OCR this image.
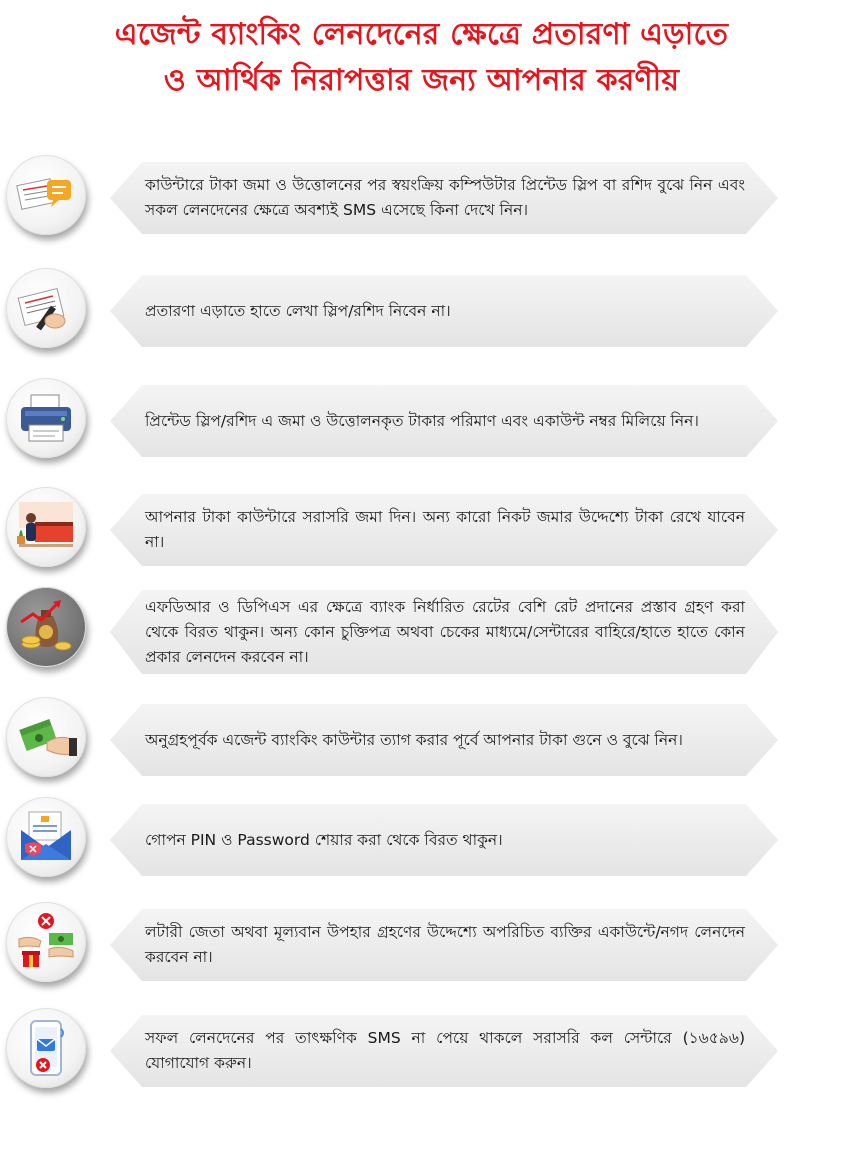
এজেন্ট ব্যাংকিং লেনদেনের ক্ষেত্রে প্রতারণা এড়াতে
ও আর্থিক নিরাপত্তার জন্য আপনার করণীয়
কাউন্টারে টাকা জমা ও উত্তোলনের পর স্বয়ংক্রিয় কম্পিউটার প্রিন্টেড স্লিপ বা রশিদ বুঝে নিন এবং সকল লেনদেনের ক্ষেত্রে অবশ্যই SMS এসেছে কিনা দেখে নিন।
প্রতারণা এড়াতে হাতে লেখা স্লিপ/রশিদ নিবেন না।
প্রিন্টেড স্লিপ/রশিদ এ জমা ও উত্তোলনকৃত টাকার পরিমাণ এবং একাউন্ট নম্বর মিলিয়ে নিন।
আপনার টাকা কাউন্টারে সরাসরি জমা দিন। অন্য কারো নিকট জমার উদ্দেশ্যে টাকা রেখে যাবেন না।
এফডিআর ও ডিপিএস এর ক্ষেত্রে ব্যাংক নির্ধারিত রেটের বেশি রেট প্রদানের প্রস্তাব গ্রহণ করা থেকে বিরত থাকুন। অন্য কোন চুক্তিপত্র অথবা চেকের মাধ্যমে/সেন্টারের বাহিরে/হাতে হাতে কোন প্রকার লেনদেন করবেন না।
অনুগ্রহপূর্বক এজেন্ট ব্যাংকিং কাউন্টার ত্যাগ করার পূর্বে আপনার টাকা গুনে ও বুঝে নিন।
গোপন PIN ও Password শেয়ার করা থেকে বিরত থাকুন।
লটারী জেতা অথবা মূল্যবান উপহার গ্রহণের উদ্দেশ্যে অপরিচিত ব্যক্তির একাউন্টে/নগদ লেনদেন করবেন না।
সফল লেনদেনের পর তাৎক্ষণিক SMS না পেয়ে থাকলে সরাসরি কল সেন্টারে (১৬৫৯৬) যোগাযোগ করুন।
